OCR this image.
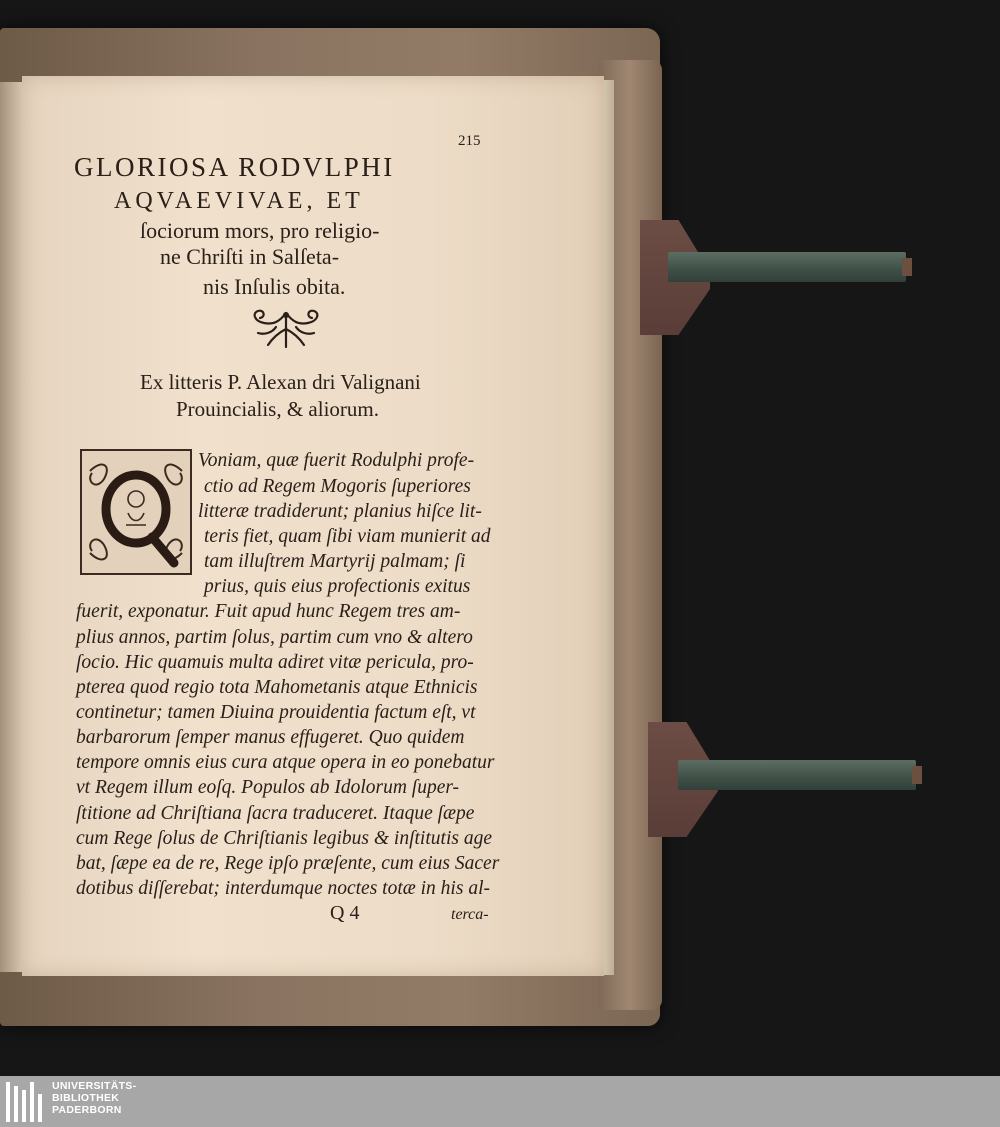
215
GLORIOSA RODVLPHI
AQVAEVIVAE, ET
ſociorum mors, pro religio-
ne Chriſti in Salſeta-
nis Inſulis obita.
Ex litteris P. Alexan dri Valignani
Prouincialis, & aliorum.
Voniam, quæ fuerit Rodulphi profe-
ctio ad Regem Mogoris ſuperiores
litteræ tradiderunt; planius hiſce lit-
teris fiet, quam ſibi viam munierit ad
tam illuſtrem Martyrij palmam; ſi
prius, quis eius profectionis exitus
fuerit, exponatur. Fuit apud hunc Regem tres am-
plius annos, partim ſolus, partim cum vno & altero
ſocio. Hic quamuis multa adiret vitæ pericula, pro-
pterea quod regio tota Mahometanis atque Ethnicis
continetur; tamen Diuina prouidentia factum eſt, vt
barbarorum ſemper manus effugeret. Quo quidem
tempore omnis eius cura atque opera in eo ponebatur
vt Regem illum eoſq. Populos ab Idolorum ſuper-
ſtitione ad Chriſtiana ſacra traduceret. Itaque ſæpe
cum Rege ſolus de Chriſtianis legibus & inſtitutis age
bat, ſæpe ea de re, Rege ipſo præſente, cum eius Sacer
dotibus diſſerebat; interdumque noctes totæ in his al-
Q 4	terca-
UNIVERSITÄTS-
BIBLIOTHEK
PADERBORN
